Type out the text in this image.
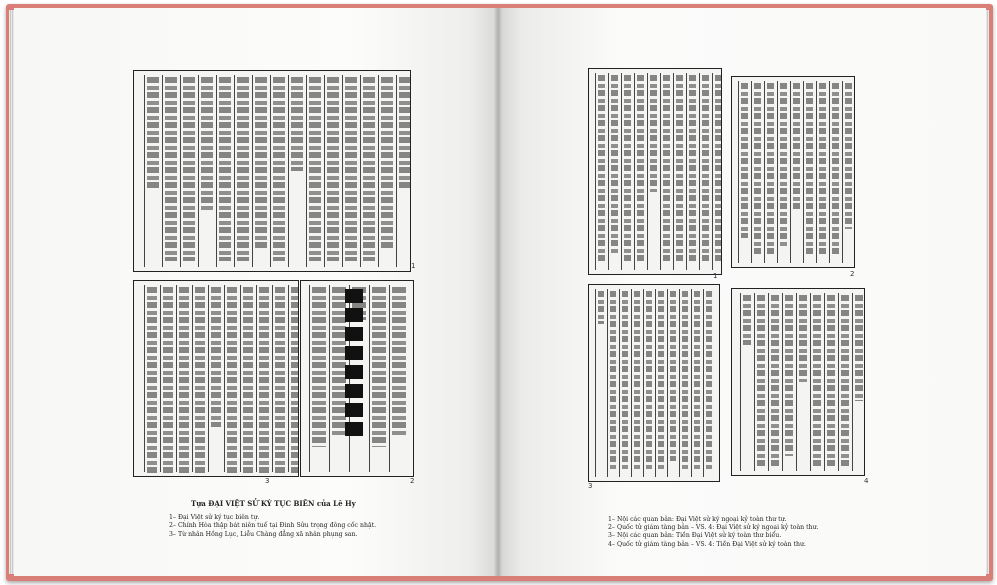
1
2
3
Tựa ĐẠI VIỆT SỬ KÝ TỤC BIÊN của Lê Hy
1– Đại Việt sử ký tục biên tự.
2– Chính Hòa thập bát niên tuế tại Đinh Sửu trọng đông cốc nhật.
3– Từ nhân Hồng Lục, Liễu Chàng đẳng xã nhân phụng san.
1	2
3
4
1– Nội các quan bản: Đại Việt sử ký ngoại kỷ toàn thư tự.
2– Quốc tử giám tàng bản – VS. 4: Đại Việt sử ký ngoại kỷ toàn thư.
3– Nội các quan bản: Tiền Đại Việt sử ký toàn thư biểu.
4– Quốc tử giám tàng bản – VS. 4: Tiền Đại Việt sử ký toàn thư.
